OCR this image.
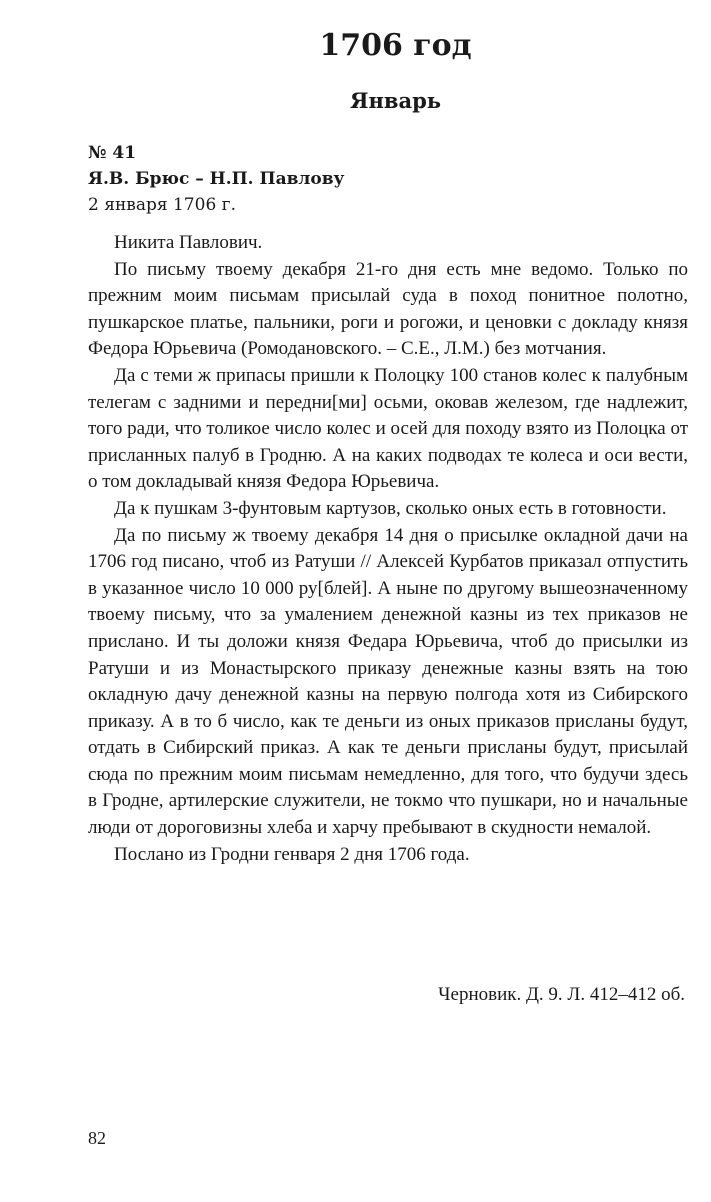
1706 год
Январь
№ 41
Я.В. Брюс – Н.П. Павлову
2 января 1706 г.

Никита Павлович.

По письму твоему декабря 21-го дня есть мне ведомо. Только по прежним моим письмам присылай суда в поход понитное полотно, пушкарское платье, пальники, роги и рогожи, и ценовки с докладу князя Федора Юрьевича (Ромодановского. – С.Е., Л.М.) без мотчания.

Да с теми ж припасы пришли к Полоцку 100 станов колес к палубным телегам с задними и передни[ми] осьми, оковав железом, где надлежит, того ради, что толикое число колес и осей для походу взято из Полоцка от присланных палуб в Гродню. А на каких подводах те колеса и оси вести, о том докладывай князя Федора Юрьевича.

Да к пушкам 3-фунтовым картузов, сколько оных есть в готовности.

Да по письму ж твоему декабря 14 дня о присылке окладной дачи на 1706 год писано, чтоб из Ратуши // Алексей Курбатов приказал отпустить в указанное число 10 000 ру[блей]. А ныне по другому вышеозначенному твоему письму, что за умалением денежной казны из тех приказов не прислано. И ты доложи князя Федара Юрьевича, чтоб до присылки из Ратуши и из Монастырского приказу денежные казны взять на тою окладную дачу денежной казны на первую полгода хотя из Сибирского приказу. А в то б число, как те деньги из оных приказов присланы будут, отдать в Сибирский приказ. А как те деньги присланы будут, присылай сюда по прежним моим письмам немедленно, для того, что будучи здесь в Гродне, артилерские служители, не токмо что пушкари, но и начальные люди от дороговизны хлеба и харчу пребывают в скудности немалой.

Послано из Гродни генваря 2 дня 1706 года.

Черновик. Д. 9. Л. 412–412 об.
82
